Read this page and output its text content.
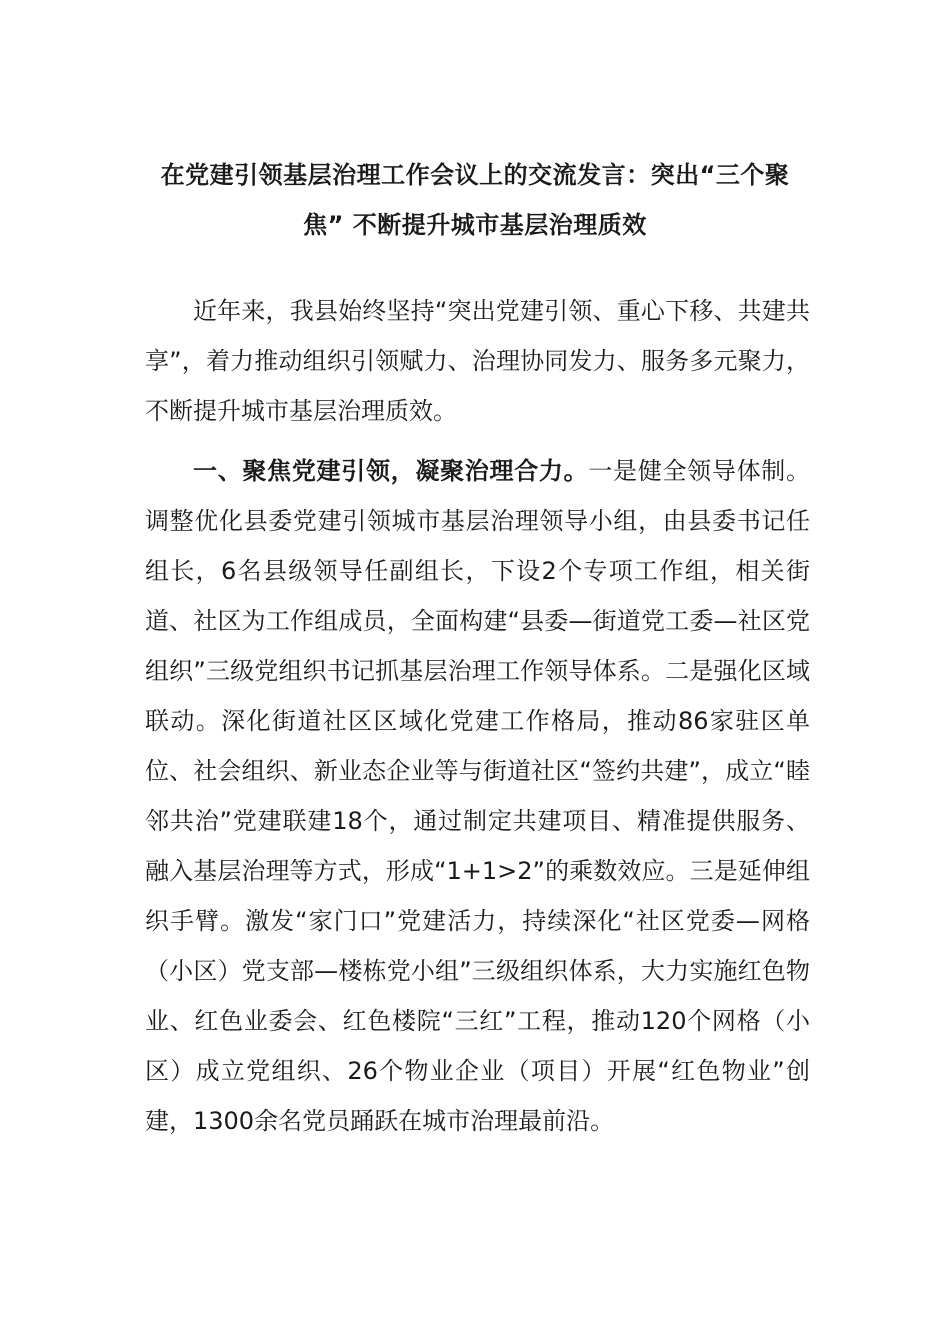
在党建引领基层治理工作会议上的交流发言：突出“三个聚焦” 不断提升城市基层治理质效

近年来，我县始终坚持“突出党建引领、重心下移、共建共享”，着力推动组织引领赋力、治理协同发力、服务多元聚力，不断提升城市基层治理质效。

一、聚焦党建引领，凝聚治理合力。一是健全领导体制。调整优化县委党建引领城市基层治理领导小组，由县委书记任组长，6名县级领导任副组长，下设2个专项工作组，相关街道、社区为工作组成员，全面构建“县委—街道党工委—社区党组织”三级党组织书记抓基层治理工作领导体系。二是强化区域联动。深化街道社区区域化党建工作格局，推动86家驻区单位、社会组织、新业态企业等与街道社区“签约共建”，成立“睦邻共治”党建联建18个，通过制定共建项目、精准提供服务、融入基层治理等方式，形成“1+1>2”的乘数效应。三是延伸组织手臂。激发“家门口”党建活力，持续深化“社区党委—网格（小区）党支部—楼栋党小组”三级组织体系，大力实施红色物业、红色业委会、红色楼院“三红”工程，推动120个网格（小区）成立党组织、26个物业企业（项目）开展“红色物业”创建，1300余名党员踊跃在城市治理最前沿。
